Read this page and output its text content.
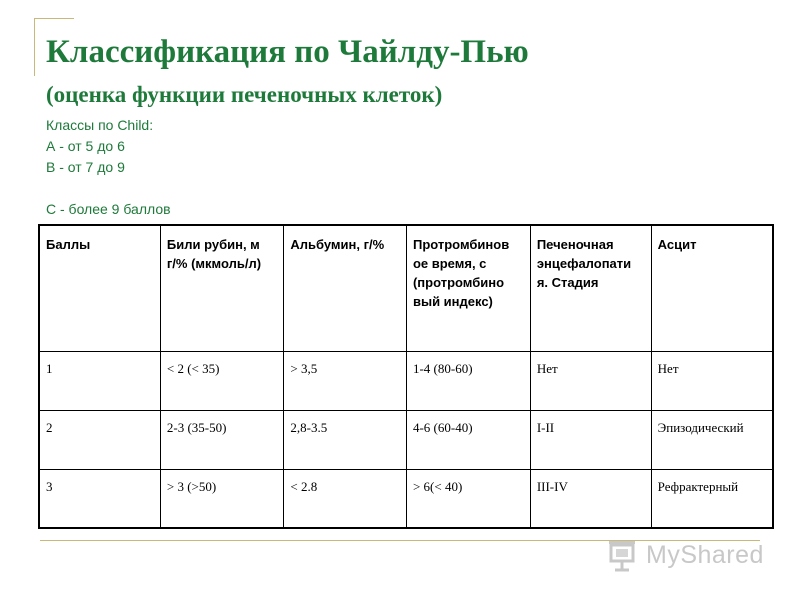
Классификация по Чайлду-Пью
(оценка функции печеночных клеток)
Классы по Child:
А - от 5 до 6
В - от 7 до 9
С - более 9 баллов
Баллы	Били рубин, м г/% (мкмоль/л)	Альбумин, г/%	Протромбинов ое время, с (протромбино вый индекс)	Печеночная энцефалопати я. Стадия	Асцит
1	< 2 (< 35)	> 3,5	1-4 (80-60)	Нет	Нет
2	2-3 (35-50)	2,8-3.5	4-6 (60-40)	I-II	Эпизодический
3	> 3 (>50)	< 2.8	> 6(< 40)	III-IV	Рефрактерный
MyShared
